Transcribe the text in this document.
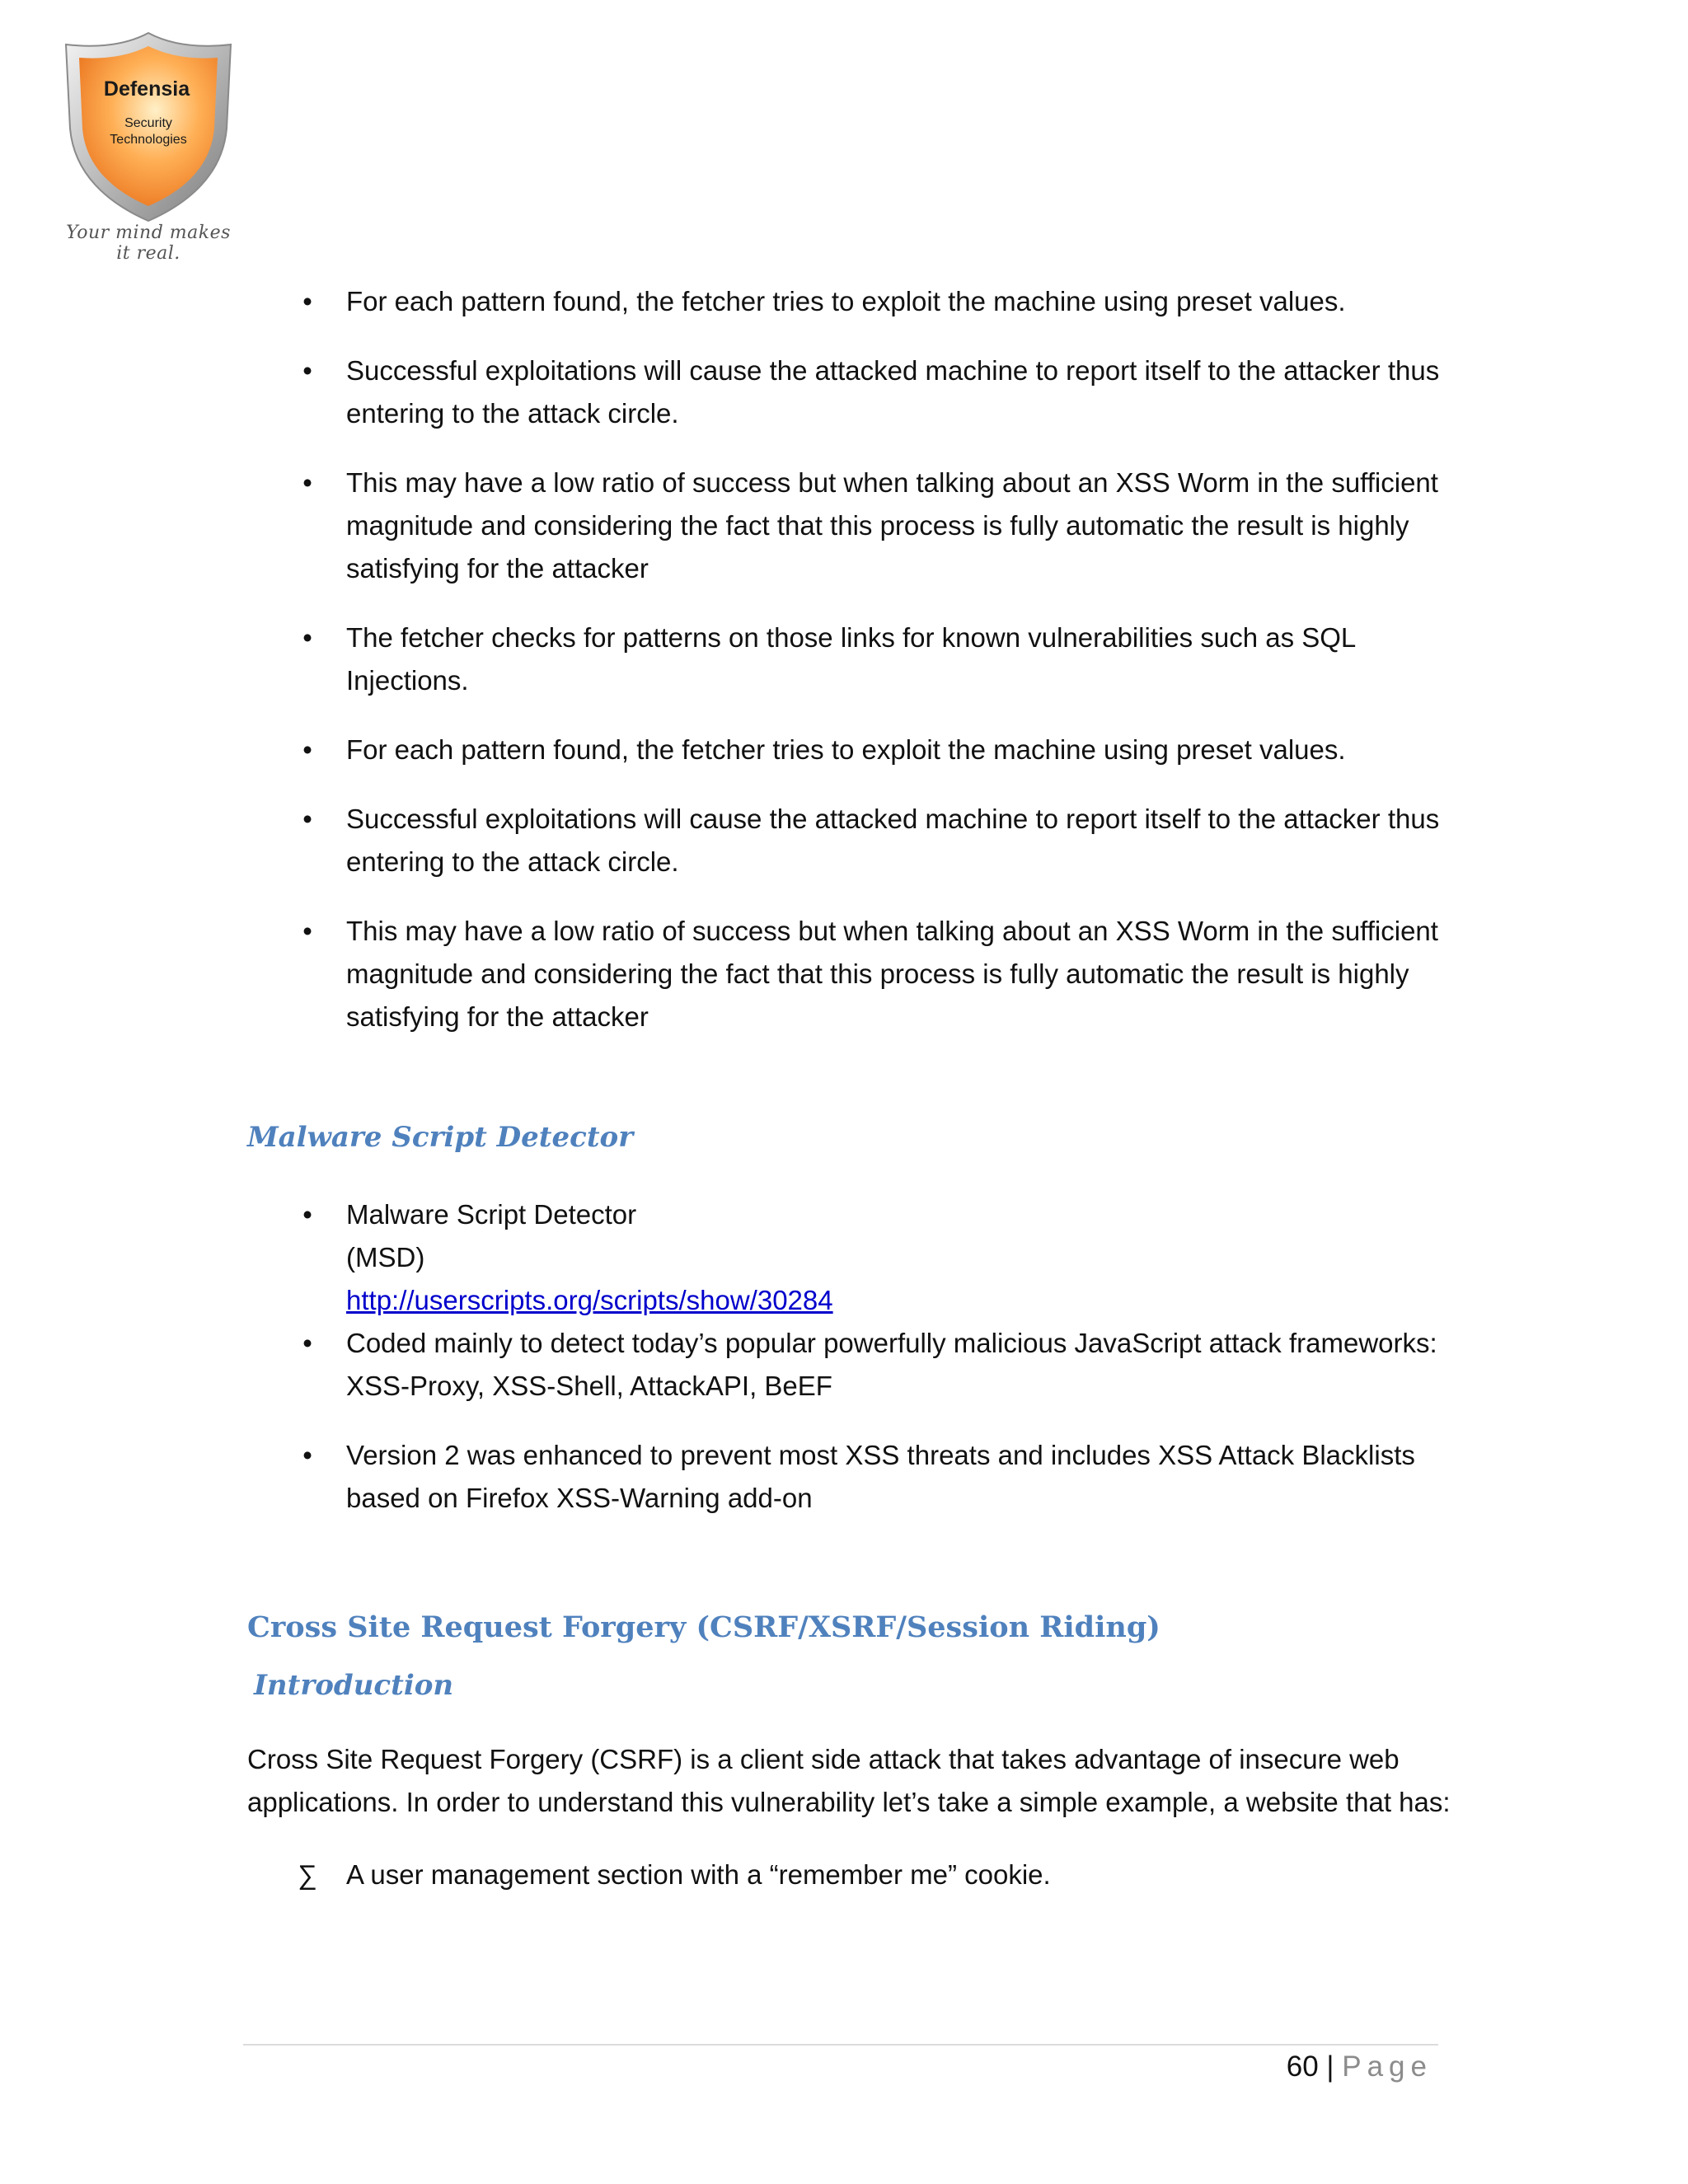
Defensia
Security
Technologies
Your mind makes it real.
• For each pattern found, the fetcher tries to exploit the machine using preset values.
• Successful exploitations will cause the attacked machine to report itself to the attacker thus entering to the attack circle.
• This may have a low ratio of success but when talking about an XSS Worm in the sufficient magnitude and considering the fact that this process is fully automatic the result is highly satisfying for the attacker
• The fetcher checks for patterns on those links for known vulnerabilities such as SQL Injections.
• For each pattern found, the fetcher tries to exploit the machine using preset values.
• Successful exploitations will cause the attacked machine to report itself to the attacker thus entering to the attack circle.
• This may have a low ratio of success but when talking about an XSS Worm in the sufficient magnitude and considering the fact that this process is fully automatic the result is highly satisfying for the attacker
Malware Script Detector
• Malware Script Detector
(MSD)
http://userscripts.org/scripts/show/30284
• Coded mainly to detect today’s popular powerfully malicious JavaScript attack frameworks: XSS-Proxy, XSS-Shell, AttackAPI, BeEF
• Version 2 was enhanced to prevent most XSS threats and includes XSS Attack Blacklists based on Firefox XSS-Warning add-on
Cross Site Request Forgery (CSRF/XSRF/Session Riding)
Introduction

Cross Site Request Forgery (CSRF) is a client side attack that takes advantage of insecure web applications. In order to understand this vulnerability let’s take a simple example, a website that has:

∑ A user management section with a “remember me” cookie.
60 | Page
